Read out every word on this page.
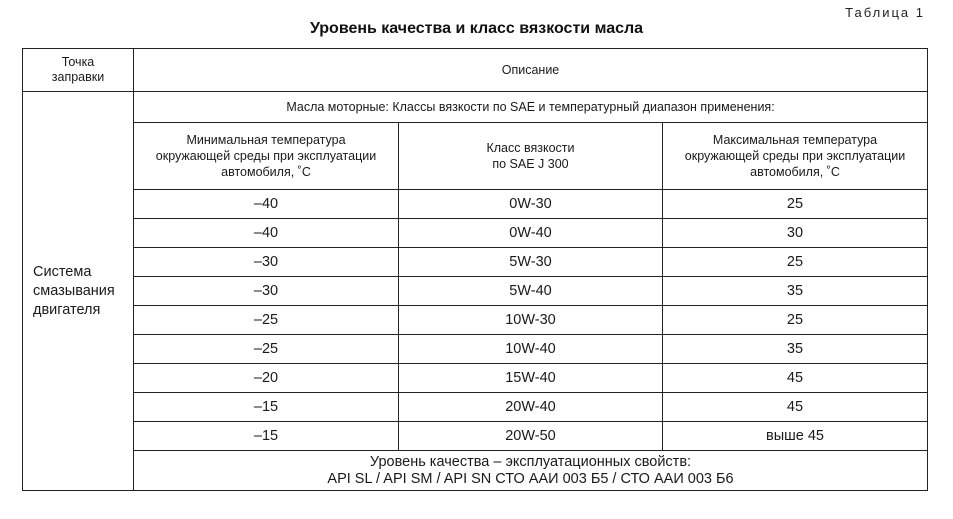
Таблица 1
Уровень качества и класс вязкости масла
Точка
заправки	Описание		
Система
смазывания
двигателя	Масла моторные: Классы вязкости по SAE и температурный диапазон применения:		
	Минимальная температура
окружающей среды при эксплуатации
автомобиля, ˚С	Класс вязкости
по SAE J 300	Максимальная температура
окружающей среды при эксплуатации
автомобиля, ˚С
	–40	0W-30	25
	–40	0W-40	30
	–30	5W-30	25
	–30	5W-40	35
	–25	10W-30	25
	–25	10W-40	35
	–20	15W-40	45
	–15	20W-40	45
	–15	20W-50	выше 45
	Уровень качества – эксплуатационных свойств:
API SL / API SM / API SN СТО ААИ 003 Б5 / СТО ААИ 003 Б6		
